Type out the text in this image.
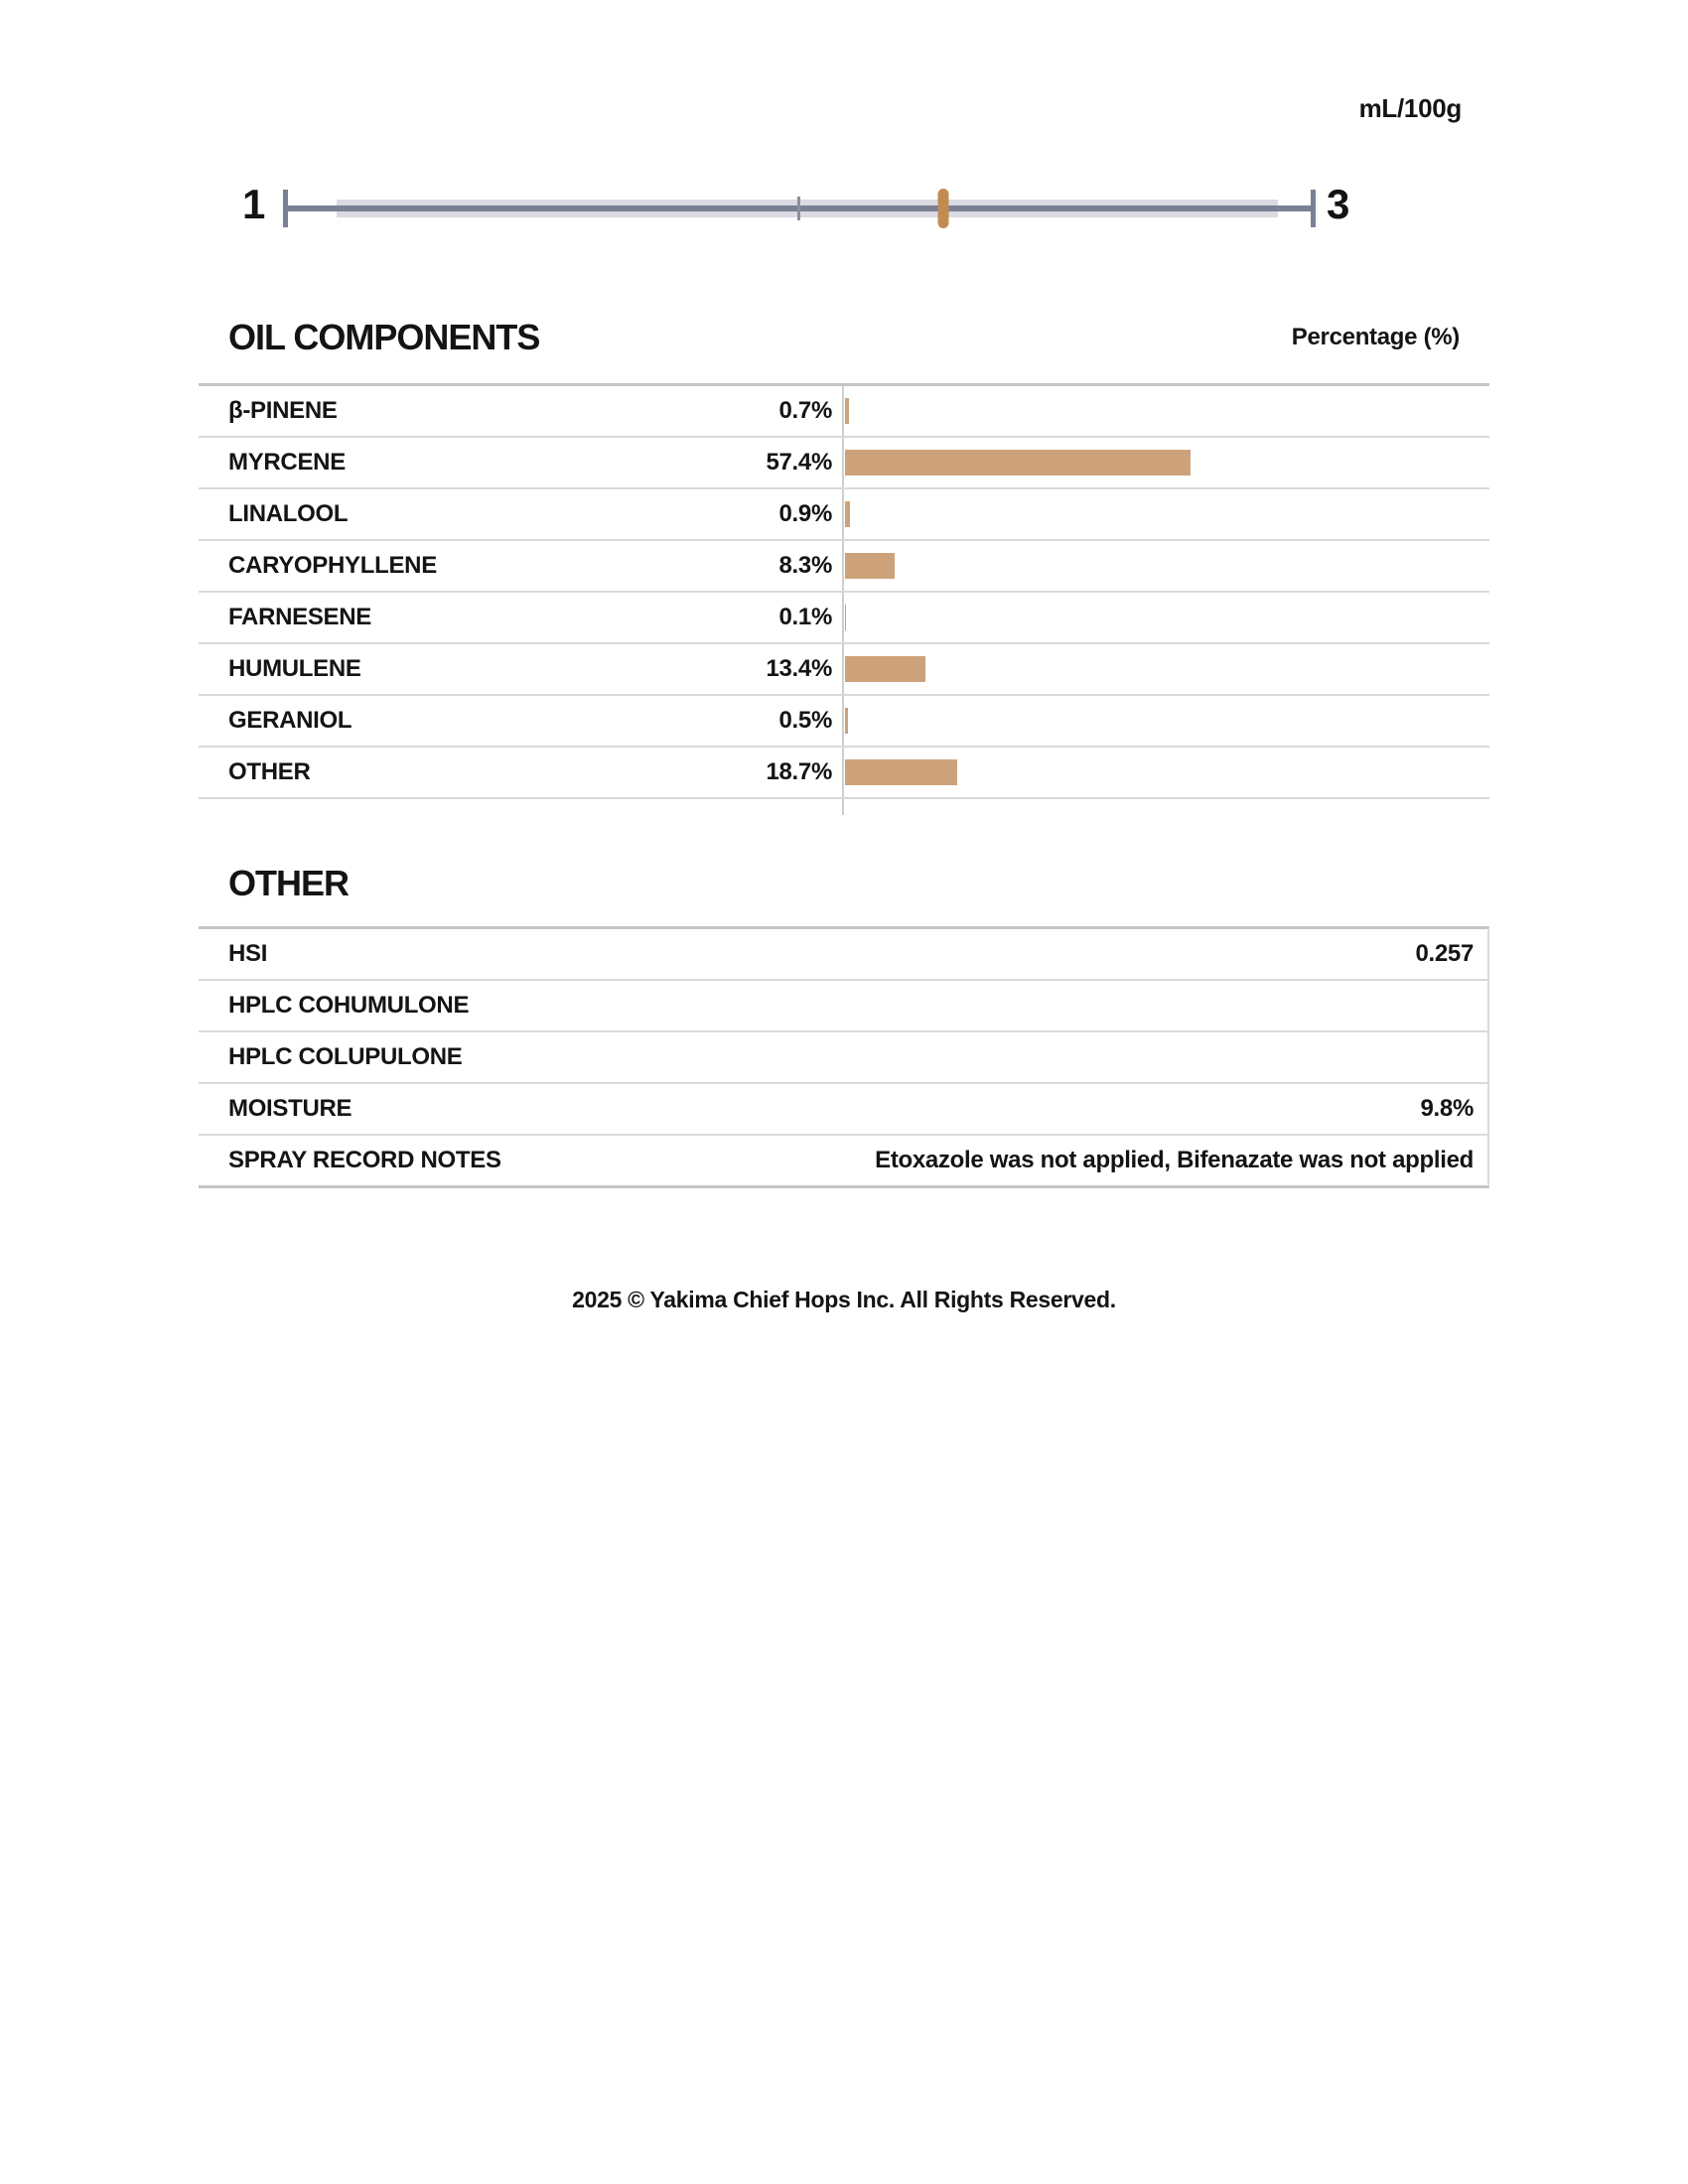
mL/100g
1	3
OIL COMPONENTS	Percentage (%)
β-PINENE	0.7%
MYRCENE	57.4%
LINALOOL	0.9%
CARYOPHYLLENE	8.3%
FARNESENE	0.1%
HUMULENE	13.4%
GERANIOL	0.5%
OTHER	18.7%
OTHER
HSI	0.257
HPLC COHUMULONE
HPLC COLUPULONE
MOISTURE	9.8%
SPRAY RECORD NOTES	Etoxazole was not applied, Bifenazate was not applied
2025 © Yakima Chief Hops Inc. All Rights Reserved.
